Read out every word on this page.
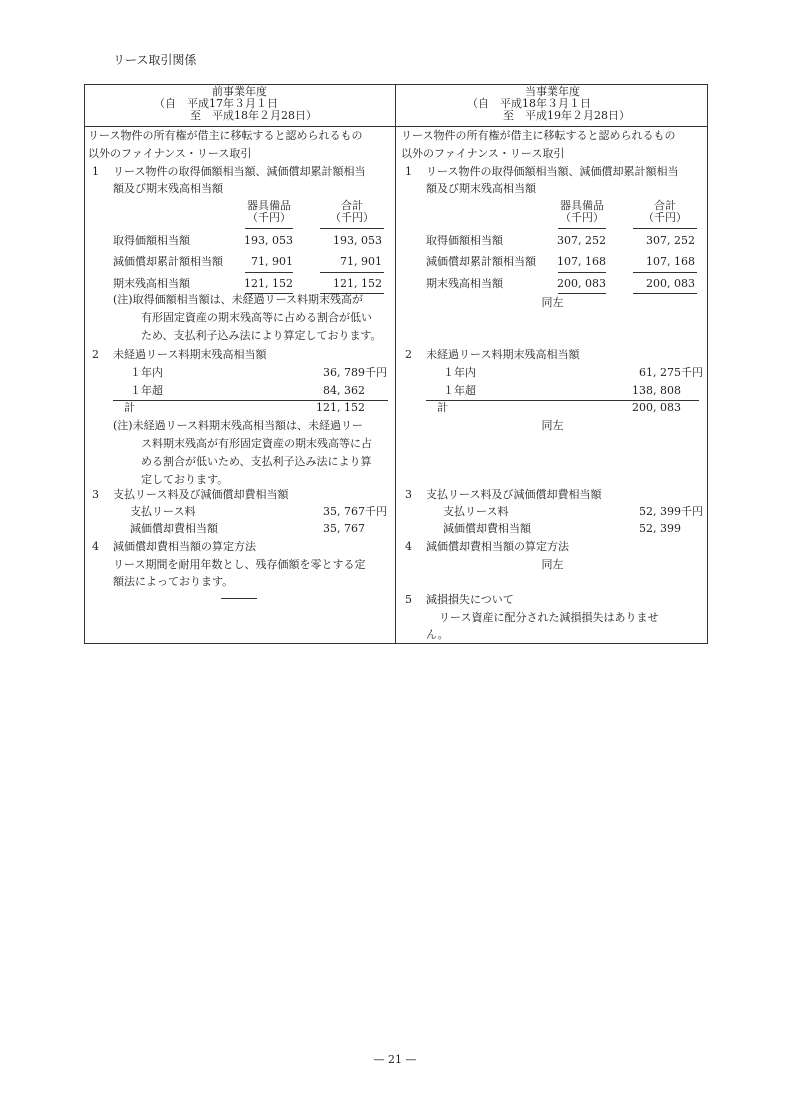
リース取引関係
前事業年度
（自　平成17年３月１日
至　平成18年２月28日）
リース物件の所有権が借主に移転すると認められるもの
以外のファイナンス・リース取引
1 リース物件の取得価額相当額、減価償却累計額相当
額及び期末残高相当額
器具備品	合計
（千円）	（千円）
取得価額相当額	193, 053	193, 053
減価償却累計額相当額	71, 901	71, 901
期末残高相当額	121, 152	121, 152
(注)取得価額相当額は、未経過リース料期末残高が
有形固定資産の期末残高等に占める割合が低い
ため、支払利子込み法により算定しております。
2 未経過リース料期末残高相当額
１年内	36, 789
１年超	84, 362
計	121, 152
千円
(注)未経過リース料期末残高相当額は、未経過リー
ス料期末残高が有形固定資産の期末残高等に占
める割合が低いため、支払利子込み法により算
定しております。
3 支払リース料及び減価償却費相当額
支払リース料	35, 767
減価償却費相当額	35, 767
千円
4 減価償却費相当額の算定方法
リース期間を耐用年数とし、残存価額を零とする定
額法によっております。
当事業年度
（自　平成18年３月１日
至　平成19年２月28日）
リース物件の所有権が借主に移転すると認められるもの
以外のファイナンス・リース取引
1 リース物件の取得価額相当額、減価償却累計額相当
額及び期末残高相当額
器具備品	合計
（千円）	（千円）
取得価額相当額	307, 252	307, 252
減価償却累計額相当額	107, 168	107, 168
期末残高相当額	200, 083	200, 083
同左
2 未経過リース料期末残高相当額
１年内	61, 275
１年超	138, 808
計	200, 083
千円
同左
3 支払リース料及び減価償却費相当額
支払リース料	52, 399
減価償却費相当額	52, 399
千円
4 減価償却費相当額の算定方法
同左
5 減損損失について
リース資産に配分された減損損失はありませ
ん。
— 21 —
